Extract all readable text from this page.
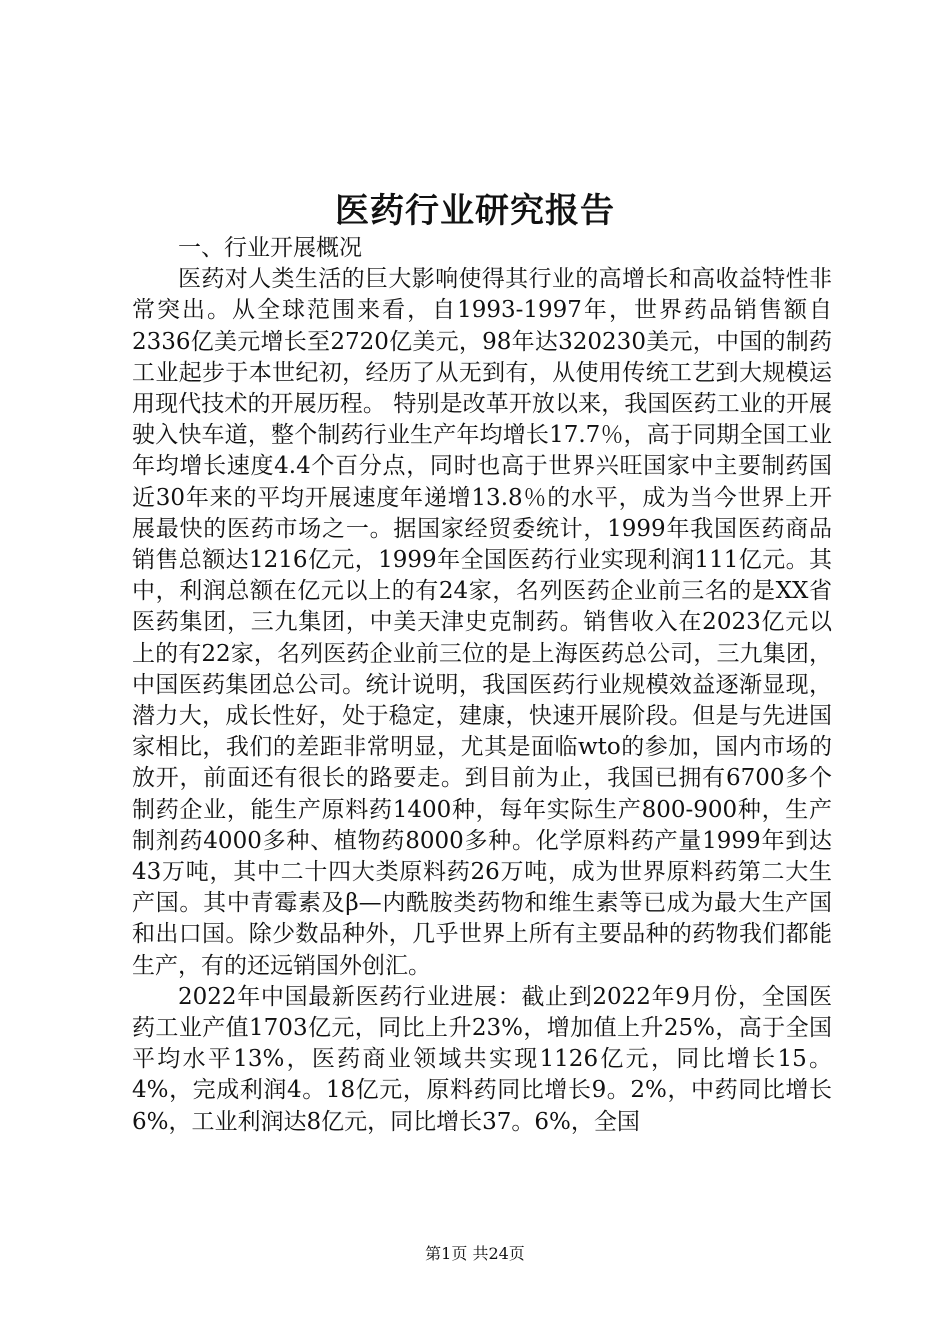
医药行业研究报告
一、行业开展概况

医药对人类生活的巨大影响使得其行业的高增长和高收益特性非常突出。从全球范围来看，自1993-1997年，世界药品销售额自2336亿美元增长至2720亿美元，98年达320230美元，中国的制药工业起步于本世纪初，经历了从无到有，从使用传统工艺到大规模运用现代技术的开展历程。 特别是改革开放以来，我国医药工业的开展驶入快车道，整个制药行业生产年均增长17.7％，高于同期全国工业年均增长速度4.4个百分点，同时也高于世界兴旺国家中主要制药国近30年来的平均开展速度年递增13.8％的水平，成为当今世界上开展最快的医药市场之一。据国家经贸委统计，1999年我国医药商品销售总额达1216亿元，1999年全国医药行业实现利润111亿元。其中，利润总额在亿元以上的有24家，名列医药企业前三名的是XX省医药集团，三九集团，中美天津史克制药。销售收入在2023亿元以上的有22家，名列医药企业前三位的是上海医药总公司，三九集团，中国医药集团总公司。统计说明，我国医药行业规模效益逐渐显现，潜力大，成长性好，处于稳定，建康，快速开展阶段。但是与先进国家相比，我们的差距非常明显，尤其是面临wto的参加，国内市场的放开，前面还有很长的路要走。到目前为止，我国已拥有6700多个制药企业，能生产原料药1400种，每年实际生产800-900种，生产制剂药4000多种、植物药8000多种。化学原料药产量1999年到达43万吨，其中二十四大类原料药26万吨，成为世界原料药第二大生产国。其中青霉素及β—内酰胺类药物和维生素等已成为最大生产国和出口国。除少数品种外，几乎世界上所有主要品种的药物我们都能生产，有的还远销国外创汇。

2022年中国最新医药行业进展：截止到2022年9月份，全国医药工业产值1703亿元，同比上升23%，增加值上升25%，高于全国平均水平13%，医药商业领域共实现1126亿元，同比增长15。4%，完成利润4。18亿元，原料药同比增长9。2%，中药同比增长6%，工业利润达8亿元，同比增长37。6%，全国

第1页 共24页
